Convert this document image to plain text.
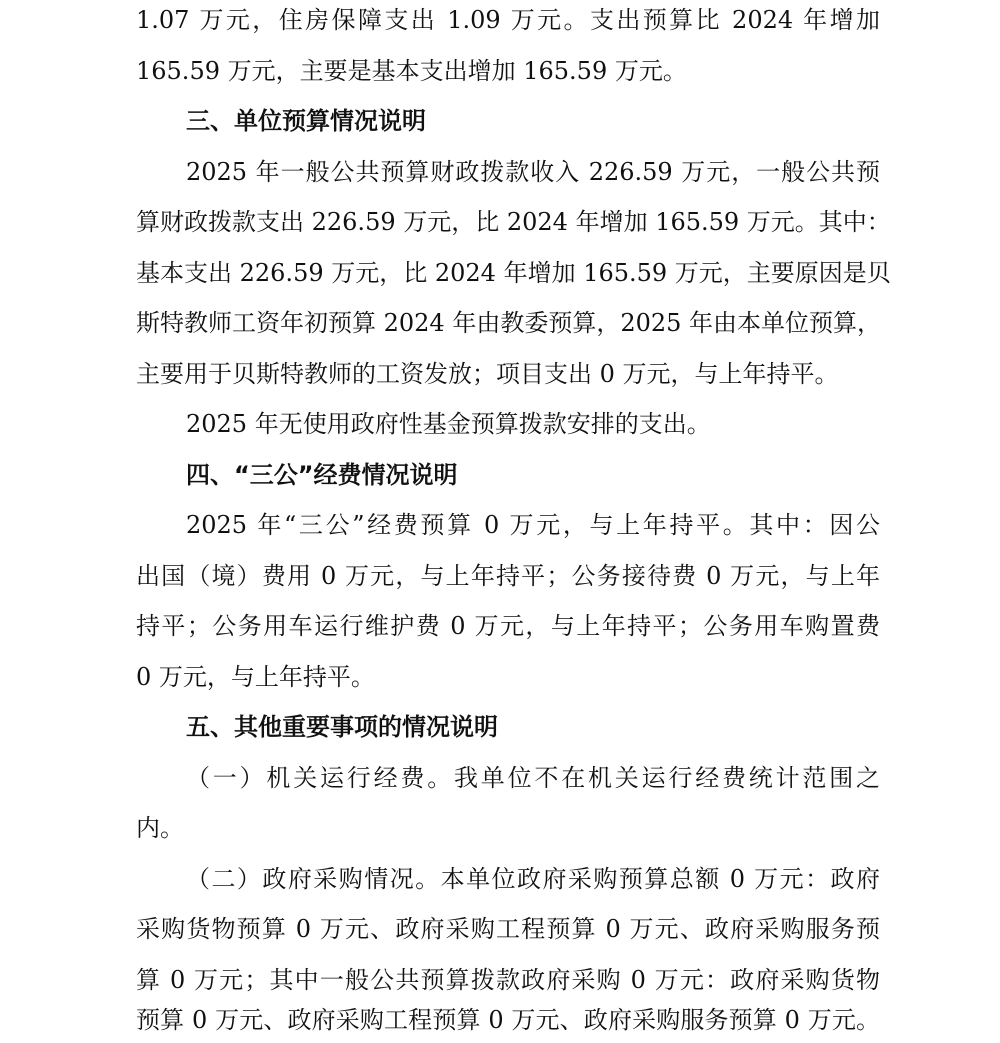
1.07 万元，住房保障支出 1.09 万元。支出预算比 2024 年增加
165.59 万元，主要是基本支出增加 165.59 万元。
三、单位预算情况说明
2025 年一般公共预算财政拨款收入 226.59 万元，一般公共预
算财政拨款支出 226.59 万元，比 2024 年增加 165.59 万元。其中：
基本支出 226.59 万元，比 2024 年增加 165.59 万元，主要原因是贝
斯特教师工资年初预算 2024 年由教委预算，2025 年由本单位预算，
主要用于贝斯特教师的工资发放；项目支出 0 万元，与上年持平。
2025 年无使用政府性基金预算拨款安排的支出。
四、“三公”经费情况说明
2025 年“三公”经费预算 0 万元，与上年持平。其中：因公
出国（境）费用 0 万元，与上年持平；公务接待费 0 万元，与上年
持平；公务用车运行维护费 0 万元，与上年持平；公务用车购置费
0 万元，与上年持平。
五、其他重要事项的情况说明
（一）机关运行经费。我单位不在机关运行经费统计范围之
内。
（二）政府采购情况。本单位政府采购预算总额 0 万元：政府
采购货物预算 0 万元、政府采购工程预算 0 万元、政府采购服务预
算 0 万元；其中一般公共预算拨款政府采购 0 万元：政府采购货物
预算 0 万元、政府采购工程预算 0 万元、政府采购服务预算 0 万元。
